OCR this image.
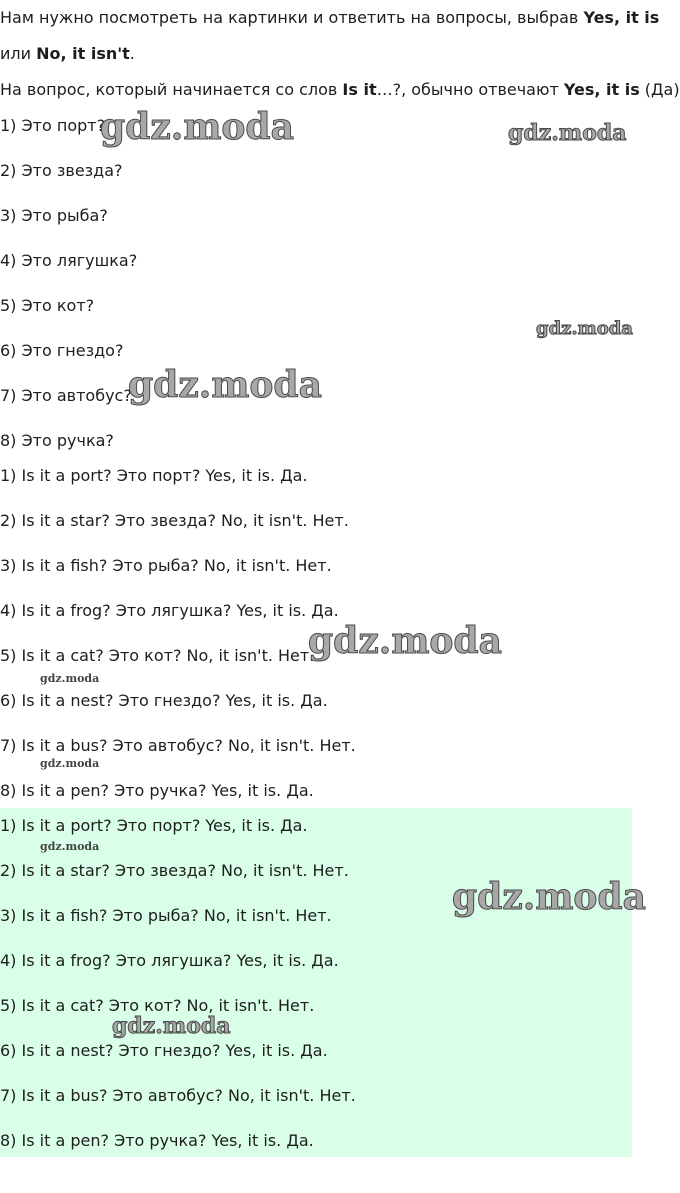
Нам нужно посмотреть на картинки и ответить на вопросы, выбрав Yes, it is
или No, it isn't.
На вопрос, который начинается со слов Is it…?, обычно отвечают Yes, it is (Да)
1) Это порт?
2) Это звезда?
3) Это рыба?
4) Это лягушка?
5) Это кот?
6) Это гнездо?
7) Это автобус?
8) Это ручка?
1) Is it a port? Это порт? Yes, it is. Да.
2) Is it a star? Это звезда? No, it isn't. Нет.
3) Is it a fish? Это рыба? No, it isn't. Нет.
4) Is it a frog? Это лягушка? Yes, it is. Да.
5) Is it a cat? Это кот? No, it isn't. Нет.
6) Is it a nest? Это гнездо? Yes, it is. Да.
7) Is it a bus? Это автобус? No, it isn't. Нет.
8) Is it a pen? Это ручка? Yes, it is. Да.
1) Is it a port? Это порт? Yes, it is. Да.
2) Is it a star? Это звезда? No, it isn't. Нет.
3) Is it a fish? Это рыба? No, it isn't. Нет.
4) Is it a frog? Это лягушка? Yes, it is. Да.
5) Is it a cat? Это кот? No, it isn't. Нет.
6) Is it a nest? Это гнездо? Yes, it is. Да.
7) Is it a bus? Это автобус? No, it isn't. Нет.
8) Is it a pen? Это ручка? Yes, it is. Да.
gdz.moda	gdz.moda
gdz.moda
gdz.moda
gdz.moda
gdz.moda
gdz.moda
gdz.moda
gdz.moda
gdz.moda
